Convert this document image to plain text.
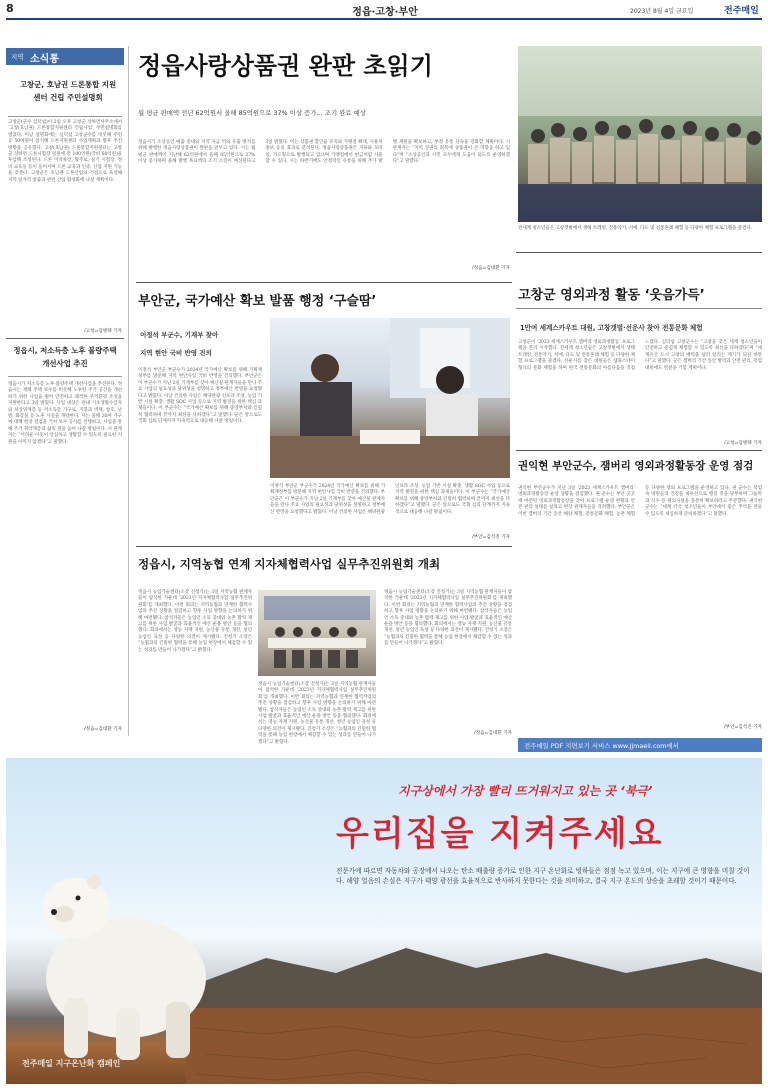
8	정읍·고창·부안	2023년 8월 4일 금요일	전주매일
지역 소식통
고창군, 호남권 드론통합 지원센터 건립 주민설명회
고창군(군수 심덕섭)이 3일 오후 고창군 상하면사무소에서 ‘고창(호남권) 드론통합지원센터 건립사업’ 주민설명회를 열었다. 이날 설명회에는 심덕섭 고창군수를 비롯해 주민 등 50여명이 참석해 드론지원센터 사업계획과 향후 추진 방향을 공유했다. 고창(호남권) 드론통합지원센터는 고창군 상하면 드론시험장 일원에 총 100억원(국비 60억원)을 투입해 조성된다. 드론 이착륙장, 활주로, 실기 시험장, 정비·교육동 등이 들어서며 드론 교육과 인증, 산업 지원 기능을 갖춘다. 고창군은 호남권 드론산업의 거점으로 육성해 지역 일자리 창출과 관련 산업 활성화에 나설 계획이다.
/고창=김병태 기자
정읍시, 저소득층 노후 불량주택 개선사업 추진
정읍시가 저소득층 노후·불량주택 개선사업을 추진한다. 정읍시는 재해 주택 보수를 비롯해 노후한 주거 공간을 개선하기 위한 사업을 벌여 안전하고 쾌적한 주거환경 조성을 지원한다고 3일 밝혔다. 사업 대상은 관내 기초생활수급자와 차상위계층 등 저소득층 가구로, 지붕과 벽체, 창호, 난방, 화장실 등 노후 시설을 개량한다. 시는 올해 20여 가구에 대해 현장 점검을 거쳐 보수 공사를 진행하고, 사업을 통해 주거 취약계층의 삶의 질을 높여 나갈 방침이다. 시 관계자는 “어려운 이웃이 안심하고 생활할 수 있도록 필요한 지원을 아끼지 않겠다”고 말했다.
/정읍=김대환 기자
정읍사랑상품권 완판 초읽기
월 평균 판매액 전년 62억원서 올해 85억원으로 37% 이상 증가… 조기 완료 예상
정읍시가 소상공인 매출 증대와 지역 자금 역외 유출 방지를 위해 발행한 정읍사랑상품권이 완판을 앞두고 있다. 시는 월 평균 판매액이 지난해 62억원에서 올해 85억원으로 37% 이상 증가하며 올해 발행 목표액의 조기 소진이 예상된다고 3일 밝혔다. 이는 상품권 할인율 유지와 가맹점 확대, 사용처 홍보 등의 효과로 분석된다. 정읍사랑상품권은 지류와 모바일, 카드형으로 발행되고 있으며 가맹점에서 현금처럼 사용할 수 있다. 시는 하반기에도 안정적인 유통을 위해 추가 발행 재원을 확보하고, 부정 유통 단속을 강화할 계획이다. 시 관계자는 “지역 상권의 회복에 상품권이 큰 역할을 하고 있다”며 “소상공인과 시민 모두에게 도움이 되도록 운영하겠다”고 말했다.
/정읍=김대환 기자
전세계 청소년들은 고창갯벌에서 생태 트레킹, 전통악기, 서예, 다도 및 전통혼례 체험 등 다양한 체험 프로그램을 즐겼다.
고창군 영외과정 활동 ‘웃음가득’
1만여 세계스카우트 대원, 고창갯벌·선운사 찾아 전통문화 체험
고창군이 ‘2023 세계스카우트 잼버리 영외과정활동’ 프로그램을 본격 시작했다. 전세계 청소년들은 고창갯벌에서 생태 트레킹, 전통악기, 서예, 다도 및 전통혼례 체험 등 다양한 체험 프로그램을 즐겼다. 선운사를 찾은 대원들은 템플스테이 형식의 문화 체험을 하며 한국 전통문화의 아름다움을 직접 느꼈다. 심덕섭 고창군수는 “고창을 찾은 세계 청소년들이 안전하고 즐겁게 체험할 수 있도록 최선을 다하겠다”며 “세계유산 도시 고창의 매력을 널리 알리는 계기가 되길 바란다”고 말했다. 군은 잼버리 기간 동안 방역과 안전 관리, 폭염 대비에도 만전을 기할 계획이다.
/고창=김병태 기자
부안군, 국가예산 확보 발품 행정 ‘구슬땀’
이정석 부군수, 기재부 찾아
지역 현안 국비 반영 건의
이정석 부안군 부군수가 2024년 국가예산 확보를 위해 기획재정부를 방문해 지역 현안사업 국비 반영을 건의했다. 부안군은 이 부군수가 지난 2일 기재부를 찾아 예산실 관계자들을 만나 주요 사업의 필요성과 당위성을 설명하고 정부예산 반영을 요청했다고 밝혔다. 이날 건의한 사업은 해양관광 인프라 조성, 농업 기반 시설 확충, 생활 SOC 사업 등으로 지역 발전을 위한 핵심 과제들이다. 이 부군수는 “국가예산 확보를 위해 중앙부처와 긴밀히 협력하며 끝까지 최선을 다하겠다”고 말했다. 군은 앞으로도 국회 심의 단계까지 지속적으로 대응해 나갈 방침이다.
이정석 부안군 부군수가 2024년 국가예산 확보를 위해 기획재정부를 방문해 지역 현안사업 국비 반영을 건의했다. 부안군은 이 부군수가 지난 2일 기재부를 찾아 예산실 관계자들을 만나 주요 사업의 필요성과 당위성을 설명하고 정부예산 반영을 요청했다고 밝혔다. 이날 건의한 사업은 해양관광 인프라 조성, 농업 기반 시설 확충, 생활 SOC 사업 등으로 지역 발전을 위한 핵심 과제들이다. 이 부군수는 “국가예산 확보를 위해 중앙부처와 긴밀히 협력하며 끝까지 최선을 다하겠다”고 말했다. 군은 앞으로도 국회 심의 단계까지 지속적으로 대응해 나갈 방침이다.
/부안=김석진 기자
권익현 부안군수, 잼버리 영외과정활동장 운영 점검
권익현 부안군수가 지난 3일 ‘2023 세계스카우트 잼버리’ 영외과정활동장 운영 상황을 점검했다. 권 군수는 부안 곳곳에 마련된 영외과정활동장을 찾아 프로그램 운영 현황과 안전 관리 실태를 살피고 현장 관계자들을 격려했다. 부안군은 이번 잼버리 기간 동안 해양 체험, 전통문화 체험, 농촌 체험 등 다양한 영외 프로그램을 운영하고 있다. 권 군수는 폭염 속 대원들의 건강을 최우선으로 챙길 것을 당부하며 그늘막과 식수 등 편의시설을 충분히 확보하라고 주문했다. 권익현 군수는 “세계 각국 청소년들이 부안에서 좋은 추억을 만들 수 있도록 세심하게 준비하겠다”고 말했다.
/부안=김석진 기자
정읍시, 지역농협 연계 지자체협력사업 실무추진위원회 개최
정읍시 농업기술센터(소장 진청기)는 3일 지역농협 관계자들이 참석한 가운데 ‘2023년 지자체협력사업 실무추진위원회’를 개최했다. 이번 회의는 지역농협과 연계한 협력사업의 추진 상황을 점검하고 향후 사업 방향을 논의하기 위해 마련됐다. 참석자들은 농업인 소득 증대와 농촌 활력 제고를 위한 사업 발굴과 효율적인 예산 운용 방안 등을 협의했다. 회의에서는 영농 자재 지원, 농산물 유통 개선, 청년 농업인 육성 등 다양한 의견이 제시됐다. 진청기 소장은 “농협과의 긴밀한 협력을 통해 농업 현장에서 체감할 수 있는 성과를 만들어 나가겠다”고 밝혔다.
정읍시 농업기술센터(소장 진청기)는 3일 지역농협 관계자들이 참석한 가운데 ‘2023년 지자체협력사업 실무추진위원회’를 개최했다. 이번 회의는 지역농협과 연계한 협력사업의 추진 상황을 점검하고 향후 사업 방향을 논의하기 위해 마련됐다. 참석자들은 농업인 소득 증대와 농촌 활력 제고를 위한 사업 발굴과 효율적인 예산 운용 방안 등을 협의했다. 회의에서는 영농 자재 지원, 농산물 유통 개선, 청년 농업인 육성 등 다양한 의견이 제시됐다. 진청기 소장은 “농협과의 긴밀한 협력을 통해 농업 현장에서 체감할 수 있는 성과를 만들어 나가겠다”고 밝혔다.
정읍시 농업기술센터(소장 진청기)는 3일 지역농협 관계자들이 참석한 가운데 ‘2023년 지자체협력사업 실무추진위원회’를 개최했다. 이번 회의는 지역농협과 연계한 협력사업의 추진 상황을 점검하고 향후 사업 방향을 논의하기 위해 마련됐다. 참석자들은 농업인 소득 증대와 농촌 활력 제고를 위한 사업 발굴과 효율적인 예산 운용 방안 등을 협의했다. 회의에서는 영농 자재 지원, 농산물 유통 개선, 청년 농업인 육성 등 다양한 의견이 제시됐다. 진청기 소장은 “농협과의 긴밀한 협력을 통해 농업 현장에서 체감할 수 있는 성과를 만들어 나가겠다”고 밝혔다.
/정읍=김대환 기자
전주매일 PDF 지면보기 서비스 www.jjmaeil.com에서
지구상에서 가장 빨리 뜨거워지고 있는 곳 ‘북극’
우리집을 지켜주세요
전문가에 따르면 자동차와 공장에서 나오는 탄소 배출량 증가로 인한 지구 온난화로 빙하들은 점점 녹고 있으며, 이는 지구에 큰 영향을 미칠 것이다. 해양 얼음의 손실은 지구가 태양 광선을 효율적으로 반사하지 못한다는 것을 의미하고, 결국 지구 온도의 상승을 초래할 것이기 때문이다.
전주매일 지구온난화 캠페인
